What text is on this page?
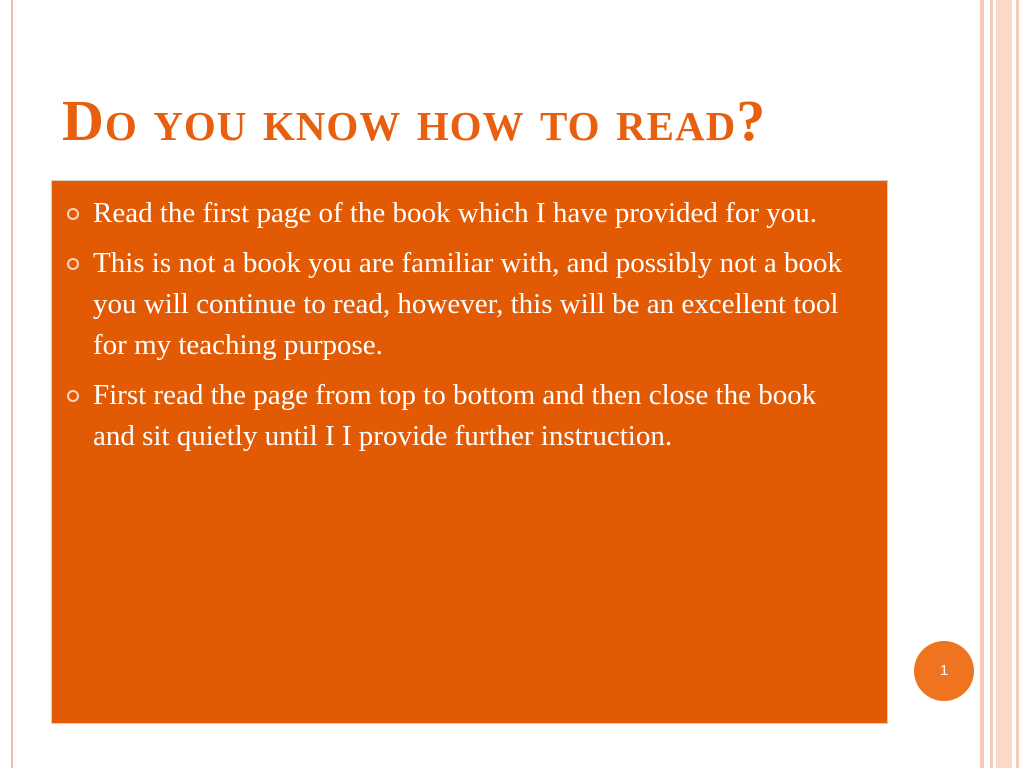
Do you know how to read?
Read the first page of the book which I have provided for you.
This is not a book you are familiar with, and possibly not a book you will continue to read, however, this will be an excellent tool for my teaching purpose.
First read the page from top to bottom and then close the book and sit quietly until I I provide further instruction.
1
